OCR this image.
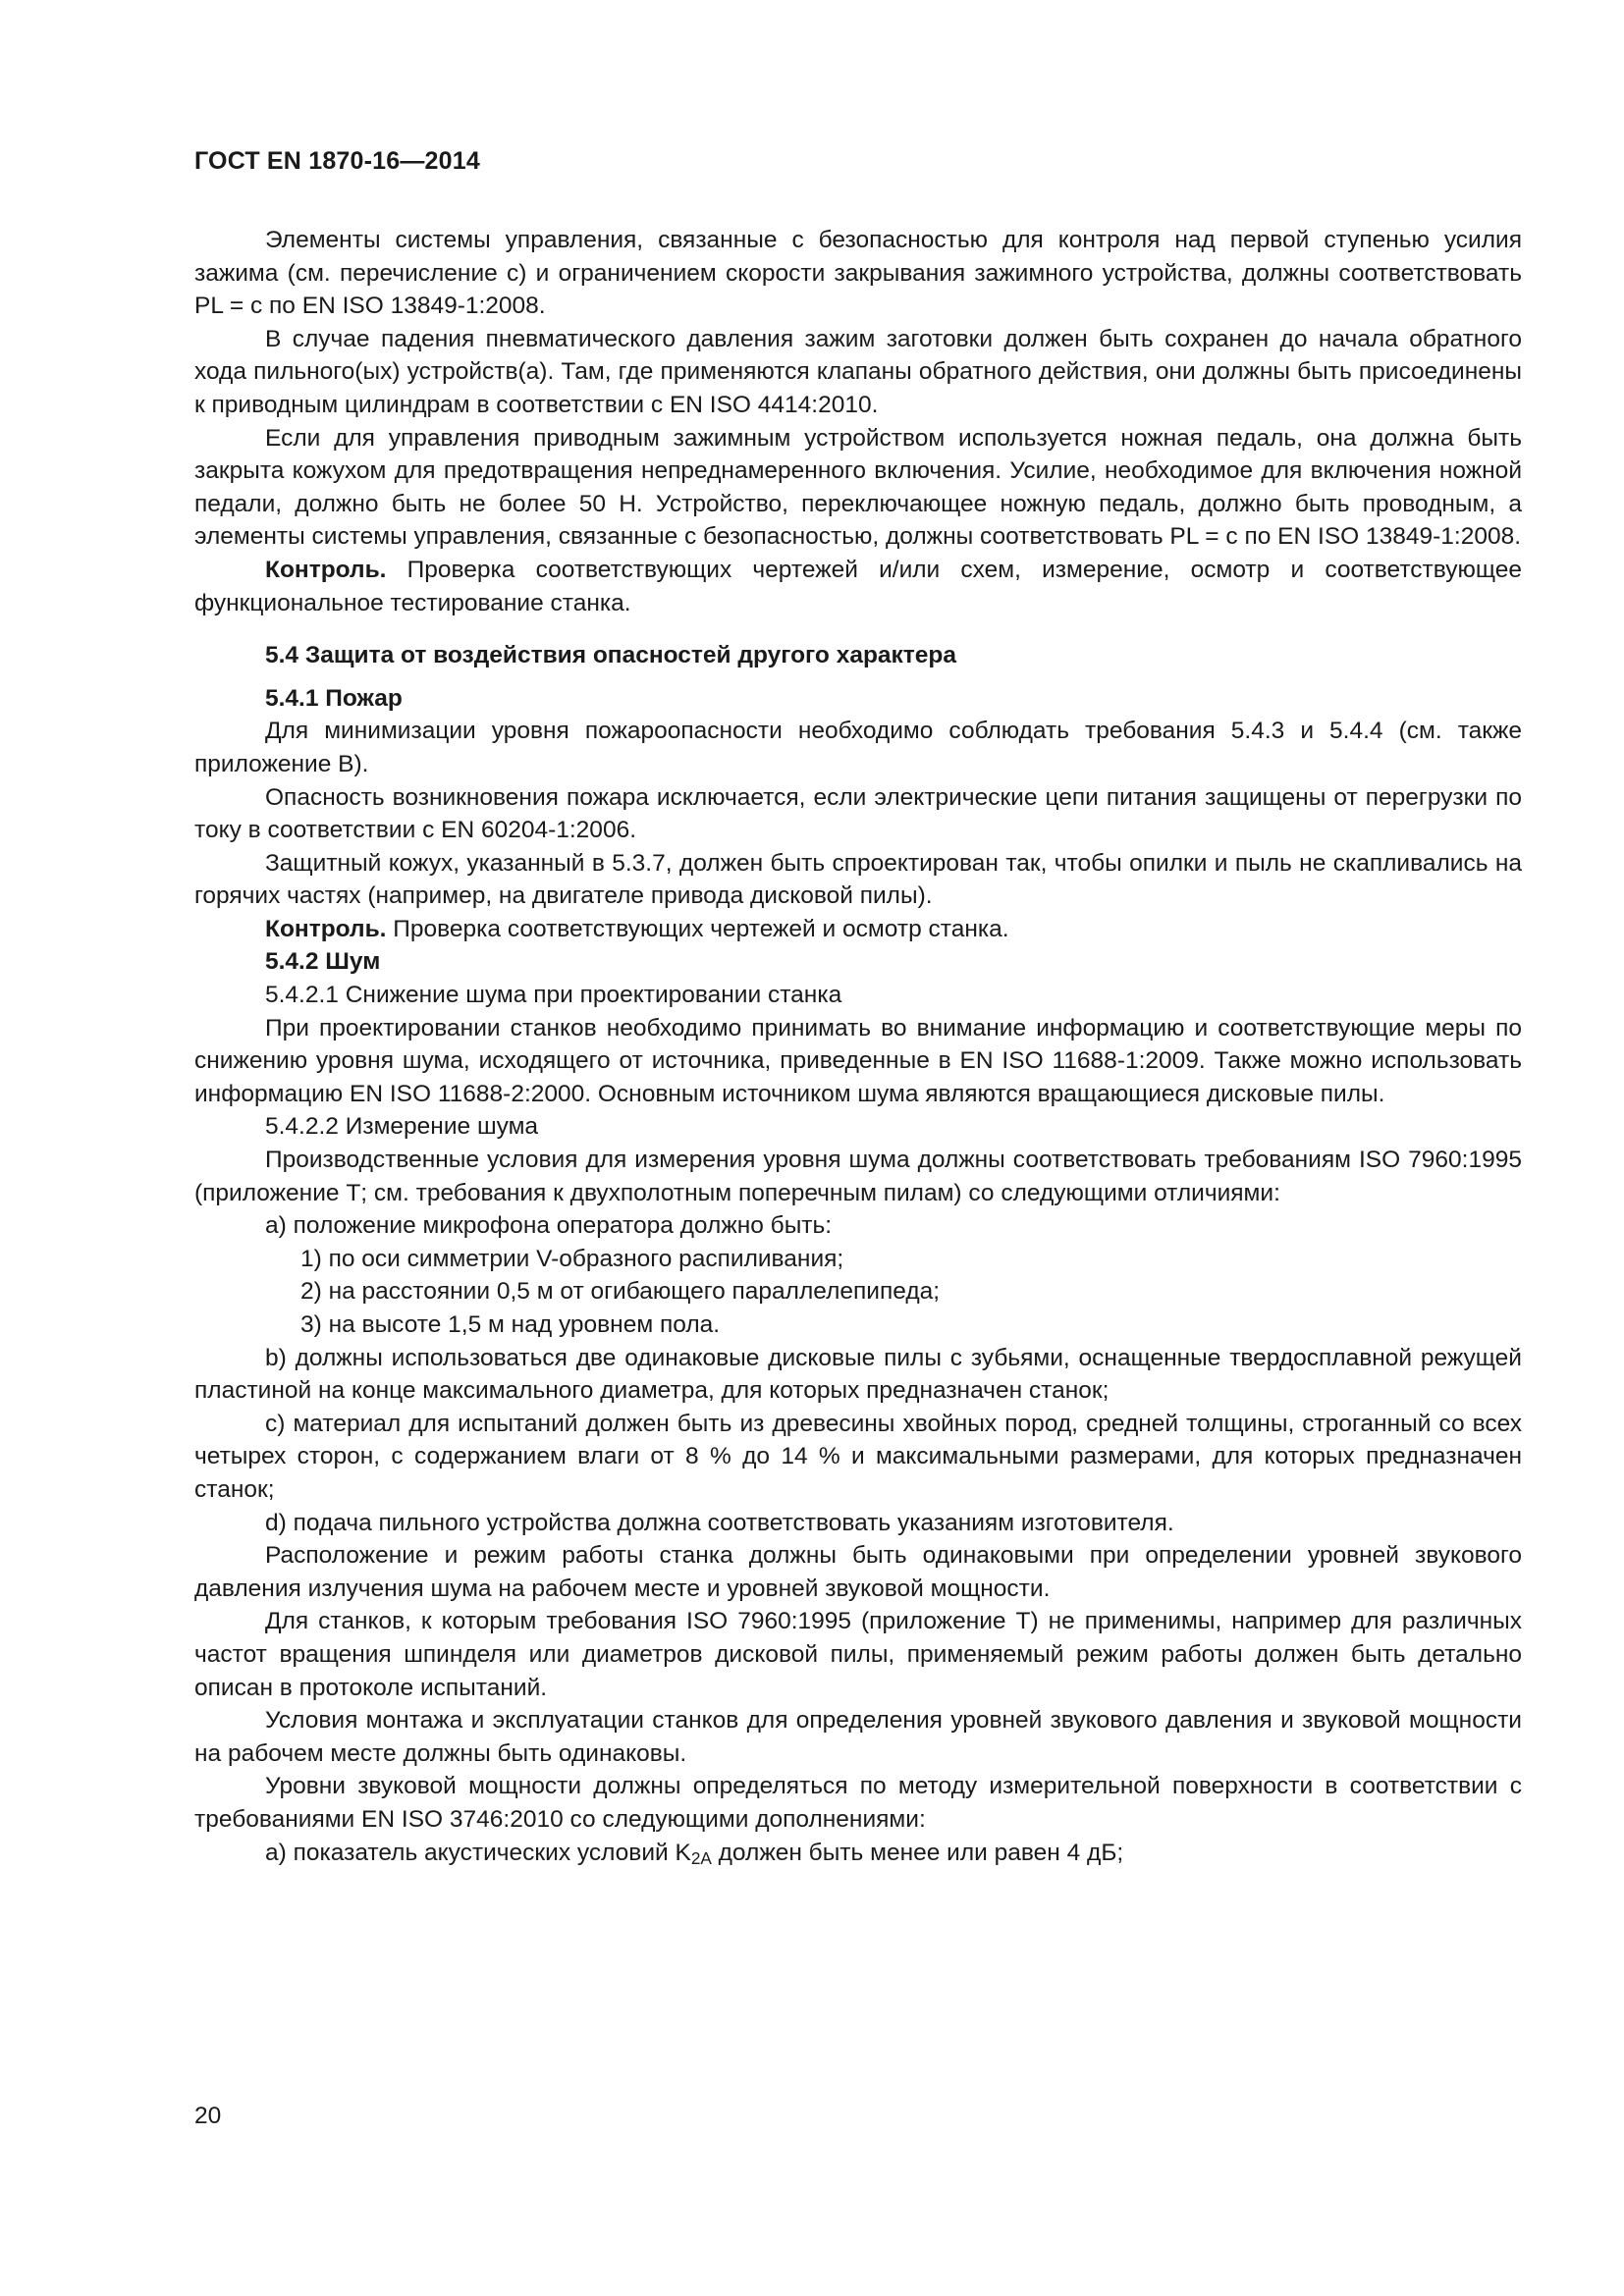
ГОСТ EN 1870-16—2014

Элементы системы управления, связанные с безопасностью для контроля над первой ступенью усилия зажима (см. перечисление с) и ограничением скорости закрывания зажимного устройства, должны соответствовать PL = с по EN ISO 13849-1:2008.

В случае падения пневматического давления зажим заготовки должен быть сохранен до начала обратного хода пильного(ых) устройств(а). Там, где применяются клапаны обратного действия, они должны быть присоединены к приводным цилиндрам в соответствии с EN ISO 4414:2010.

Если для управления приводным зажимным устройством используется ножная педаль, она должна быть закрыта кожухом для предотвращения непреднамеренного включения. Усилие, необходимое для включения ножной педали, должно быть не более 50 Н. Устройство, переключающее ножную педаль, должно быть проводным, а элементы системы управления, связанные с безопасностью, должны соответствовать PL = с по EN ISO 13849-1:2008.

Контроль. Проверка соответствующих чертежей и/или схем, измерение, осмотр и соответствующее функциональное тестирование станка.

5.4 Защита от воздействия опасностей другого характера

5.4.1 Пожар

Для минимизации уровня пожароопасности необходимо соблюдать требования 5.4.3 и 5.4.4 (см. также приложение В).

Опасность возникновения пожара исключается, если электрические цепи питания защищены от перегрузки по току в соответствии с EN 60204-1:2006.

Защитный кожух, указанный в 5.3.7, должен быть спроектирован так, чтобы опилки и пыль не скапливались на горячих частях (например, на двигателе привода дисковой пилы).

Контроль. Проверка соответствующих чертежей и осмотр станка.

5.4.2 Шум

5.4.2.1 Снижение шума при проектировании станка

При проектировании станков необходимо принимать во внимание информацию и соответствующие меры по снижению уровня шума, исходящего от источника, приведенные в EN ISO 11688-1:2009. Также можно использовать информацию EN ISO 11688-2:2000. Основным источником шума являются вращающиеся дисковые пилы.

5.4.2.2 Измерение шума

Производственные условия для измерения уровня шума должны соответствовать требованиям ISO 7960:1995 (приложение Т; см. требования к двухполотным поперечным пилам) со следующими отличиями:

а) положение микрофона оператора должно быть:

1) по оси симметрии V-образного распиливания;

2) на расстоянии 0,5 м от огибающего параллелепипеда;

3) на высоте 1,5 м над уровнем пола.

b) должны использоваться две одинаковые дисковые пилы с зубьями, оснащенные твердосплавной режущей пластиной на конце максимального диаметра, для которых предназначен станок;

с) материал для испытаний должен быть из древесины хвойных пород, средней толщины, строганный со всех четырех сторон, с содержанием влаги от 8 % до 14 % и максимальными размерами, для которых предназначен станок;

d) подача пильного устройства должна соответствовать указаниям изготовителя.

Расположение и режим работы станка должны быть одинаковыми при определении уровней звукового давления излучения шума на рабочем месте и уровней звуковой мощности.

Для станков, к которым требования ISO 7960:1995 (приложение Т) не применимы, например для различных частот вращения шпинделя или диаметров дисковой пилы, применяемый режим работы должен быть детально описан в протоколе испытаний.

Условия монтажа и эксплуатации станков для определения уровней звукового давления и звуковой мощности на рабочем месте должны быть одинаковы.

Уровни звуковой мощности должны определяться по методу измерительной поверхности в соответствии с требованиями EN ISO 3746:2010 со следующими дополнениями:

а) показатель акустических условий $K_{2A}$ должен быть менее или равен 4 дБ;

20
